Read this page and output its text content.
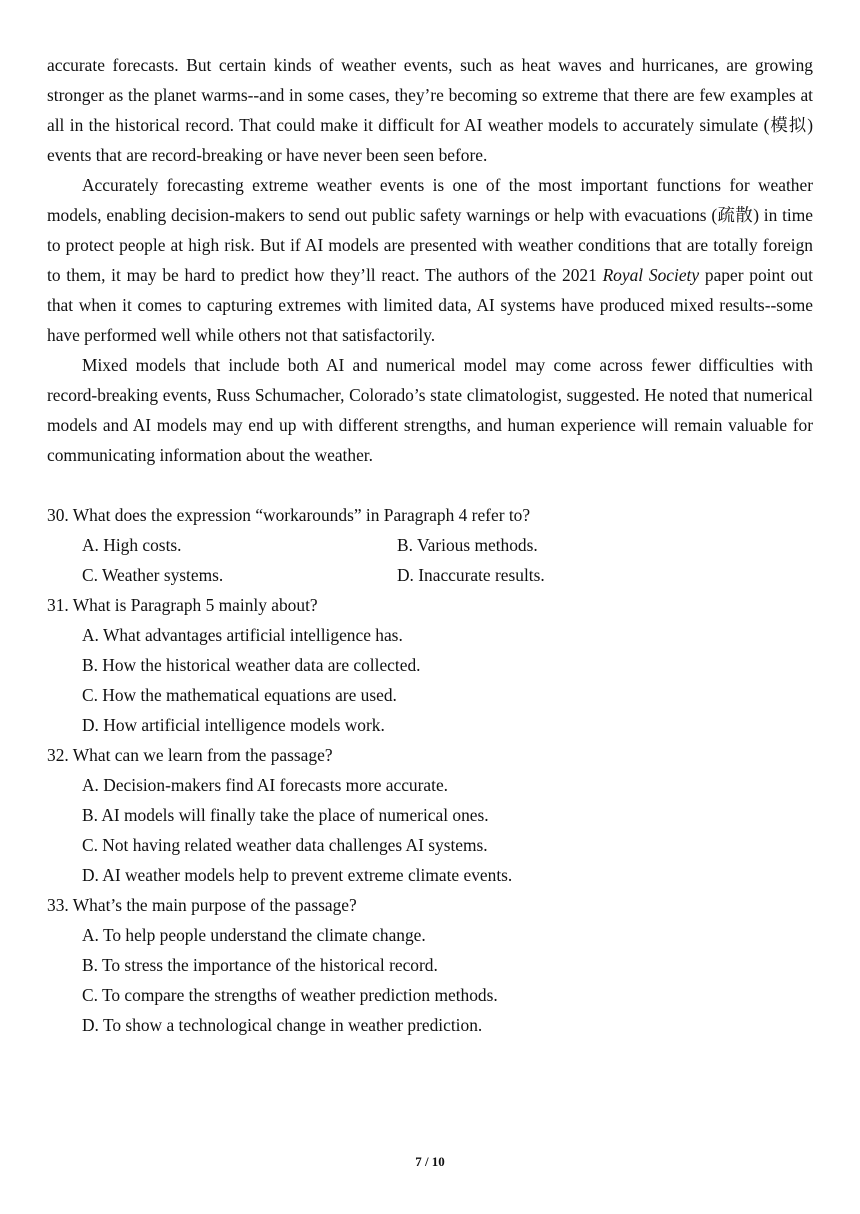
accurate forecasts. But certain kinds of weather events, such as heat waves and hurricanes, are growing stronger as the planet warms--and in some cases, they’re becoming so extreme that there are few examples at all in the historical record. That could make it difficult for AI weather models to accurately simulate (模拟) events that are record-breaking or have never been seen before.

Accurately forecasting extreme weather events is one of the most important functions for weather models, enabling decision-makers to send out public safety warnings or help with evacuations (疏散) in time to protect people at high risk. But if AI models are presented with weather conditions that are totally foreign to them, it may be hard to predict how they’ll react. The authors of the 2021 Royal Society paper point out that when it comes to capturing extremes with limited data, AI systems have produced mixed results--some have performed well while others not that satisfactorily.

Mixed models that include both AI and numerical model may come across fewer difficulties with record-breaking events, Russ Schumacher, Colorado’s state climatologist, suggested. He noted that numerical models and AI models may end up with different strengths, and human experience will remain valuable for communicating information about the weather.

30. What does the expression “workarounds” in Paragraph 4 refer to?

A. High costs.	B. Various methods.
C. Weather systems.	D. Inaccurate results.

31. What is Paragraph 5 mainly about?

A. What advantages artificial intelligence has.

B. How the historical weather data are collected.

C. How the mathematical equations are used.

D. How artificial intelligence models work.

32. What can we learn from the passage?

A. Decision-makers find AI forecasts more accurate.

B. AI models will finally take the place of numerical ones.

C. Not having related weather data challenges AI systems.

D. AI weather models help to prevent extreme climate events.

33. What’s the main purpose of the passage?

A. To help people understand the climate change.

B. To stress the importance of the historical record.

C. To compare the strengths of weather prediction methods.

D. To show a technological change in weather prediction.

7 / 10
